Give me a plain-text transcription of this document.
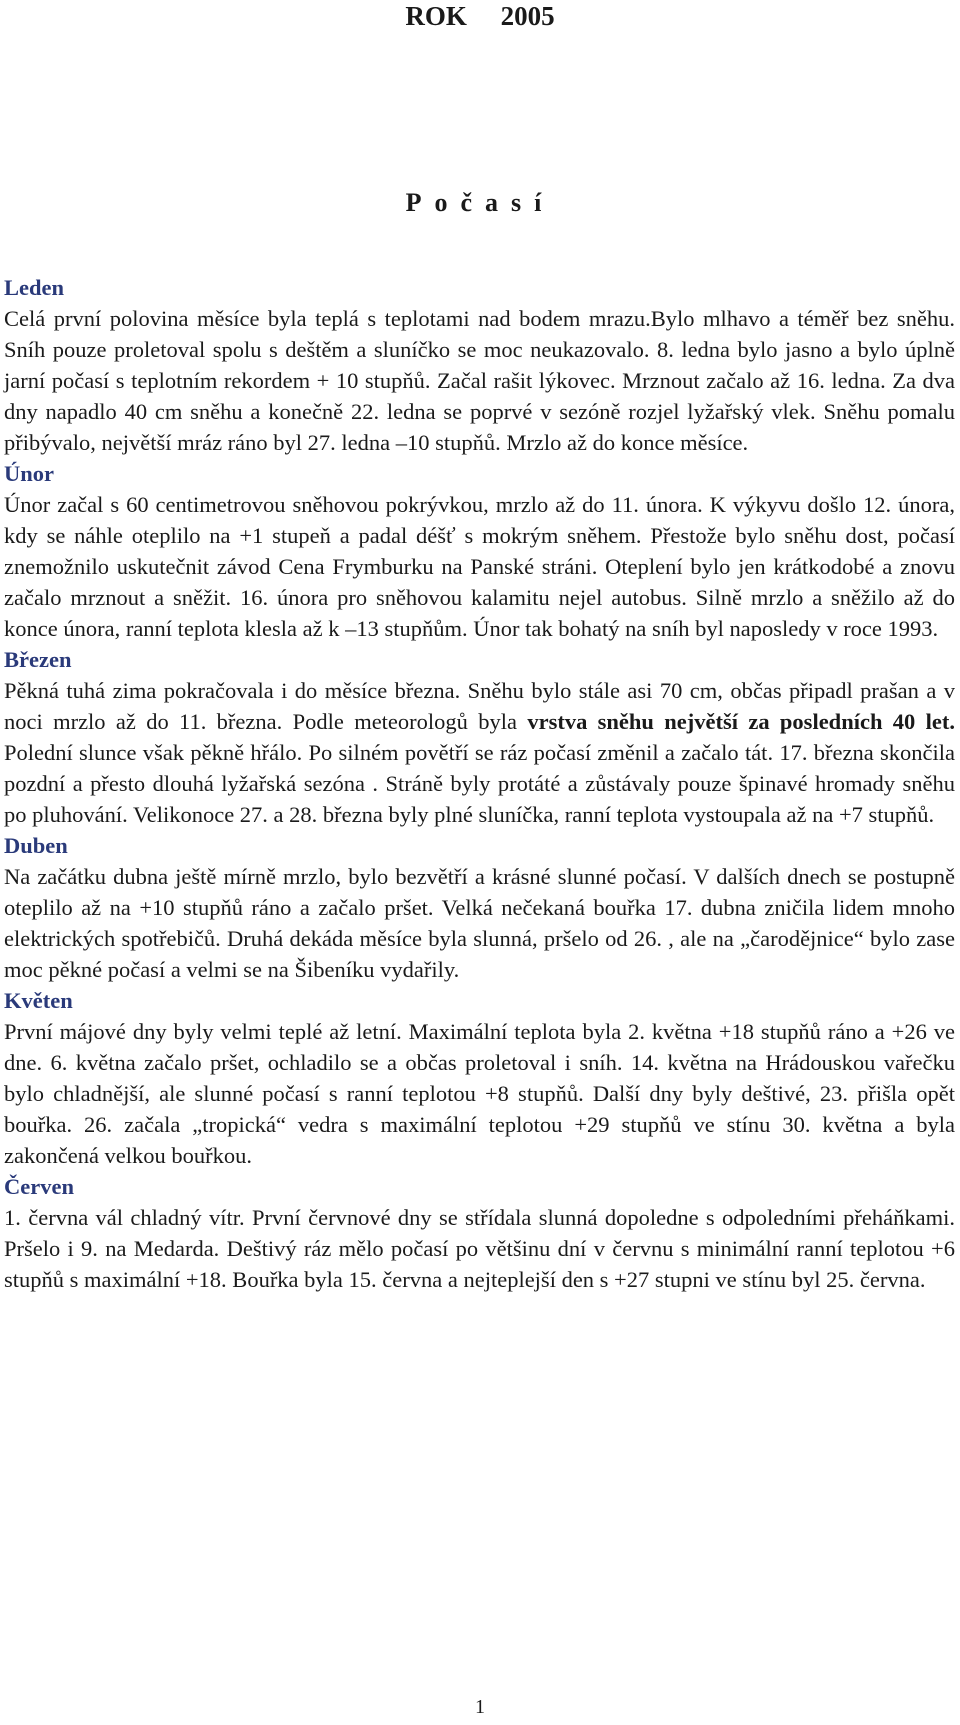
ROK     2005
Počasí
Leden
Celá první polovina měsíce byla teplá s teplotami nad bodem mrazu.Bylo mlhavo a téměř bez sněhu. Sníh pouze proletoval spolu s deštěm a sluníčko se moc neukazovalo. 8. ledna bylo jasno a bylo úplně jarní počasí s teplotním rekordem + 10 stupňů. Začal rašit lýkovec. Mrznout začalo až 16. ledna. Za dva dny napadlo 40 cm sněhu a konečně 22. ledna se poprvé v sezóně rozjel lyžařský vlek. Sněhu pomalu přibývalo, největší mráz ráno byl 27. ledna –10 stupňů. Mrzlo až do konce měsíce.
Únor
Únor začal s 60 centimetrovou sněhovou pokrývkou, mrzlo až do 11. února. K výkyvu došlo 12. února, kdy se náhle oteplilo na +1 stupeň a padal déšť s mokrým sněhem. Přestože bylo sněhu dost, počasí znemožnilo uskutečnit závod Cena Frymburku na Panské stráni. Oteplení bylo jen krátkodobé a znovu začalo mrznout a sněžit. 16. února pro sněhovou kalamitu nejel autobus. Silně mrzlo a sněžilo až do konce února, ranní teplota klesla až k –13 stupňům. Únor tak bohatý na sníh byl naposledy v roce 1993.
Březen
Pěkná tuhá zima pokračovala i do měsíce března. Sněhu bylo stále asi 70 cm, občas připadl prašan a v noci mrzlo až do 11. března. Podle meteorologů byla vrstva sněhu největší za posledních 40 let. Polední slunce však pěkně hřálo. Po silném povětří se ráz počasí změnil a začalo tát. 17. března skončila pozdní a přesto dlouhá lyžařská sezóna . Stráně byly protáté a zůstávaly pouze špinavé hromady sněhu po pluhování. Velikonoce 27. a 28. března byly plné sluníčka, ranní teplota vystoupala až na +7 stupňů.
Duben
Na začátku dubna ještě mírně mrzlo, bylo bezvětří a krásné slunné počasí. V dalších dnech se postupně oteplilo až na +10 stupňů ráno a začalo pršet. Velká nečekaná bouřka 17. dubna zničila lidem mnoho elektrických spotřebičů. Druhá dekáda měsíce byla slunná, pršelo od 26. , ale na „čarodějnice“ bylo zase moc pěkné počasí a velmi se na Šibeníku vydařily.
Květen
První májové dny byly velmi teplé až letní. Maximální teplota byla 2. května +18 stupňů ráno a +26 ve dne. 6. května začalo pršet, ochladilo se a občas proletoval i sníh. 14. května na Hrádouskou vařečku bylo chladnější, ale slunné počasí s ranní teplotou +8 stupňů. Další dny byly deštivé, 23. přišla opět bouřka. 26. začala „tropická“ vedra s maximální teplotou +29 stupňů ve stínu 30. května a byla zakončená velkou bouřkou.
Červen
1. června vál chladný vítr. První červnové dny se střídala slunná dopoledne s odpoledními přeháňkami. Pršelo i 9. na Medarda. Deštivý ráz mělo počasí po většinu dní v červnu s minimální ranní teplotou +6 stupňů s maximální +18. Bouřka byla 15. června a nejteplejší den s +27 stupni ve stínu byl 25. června.
1
